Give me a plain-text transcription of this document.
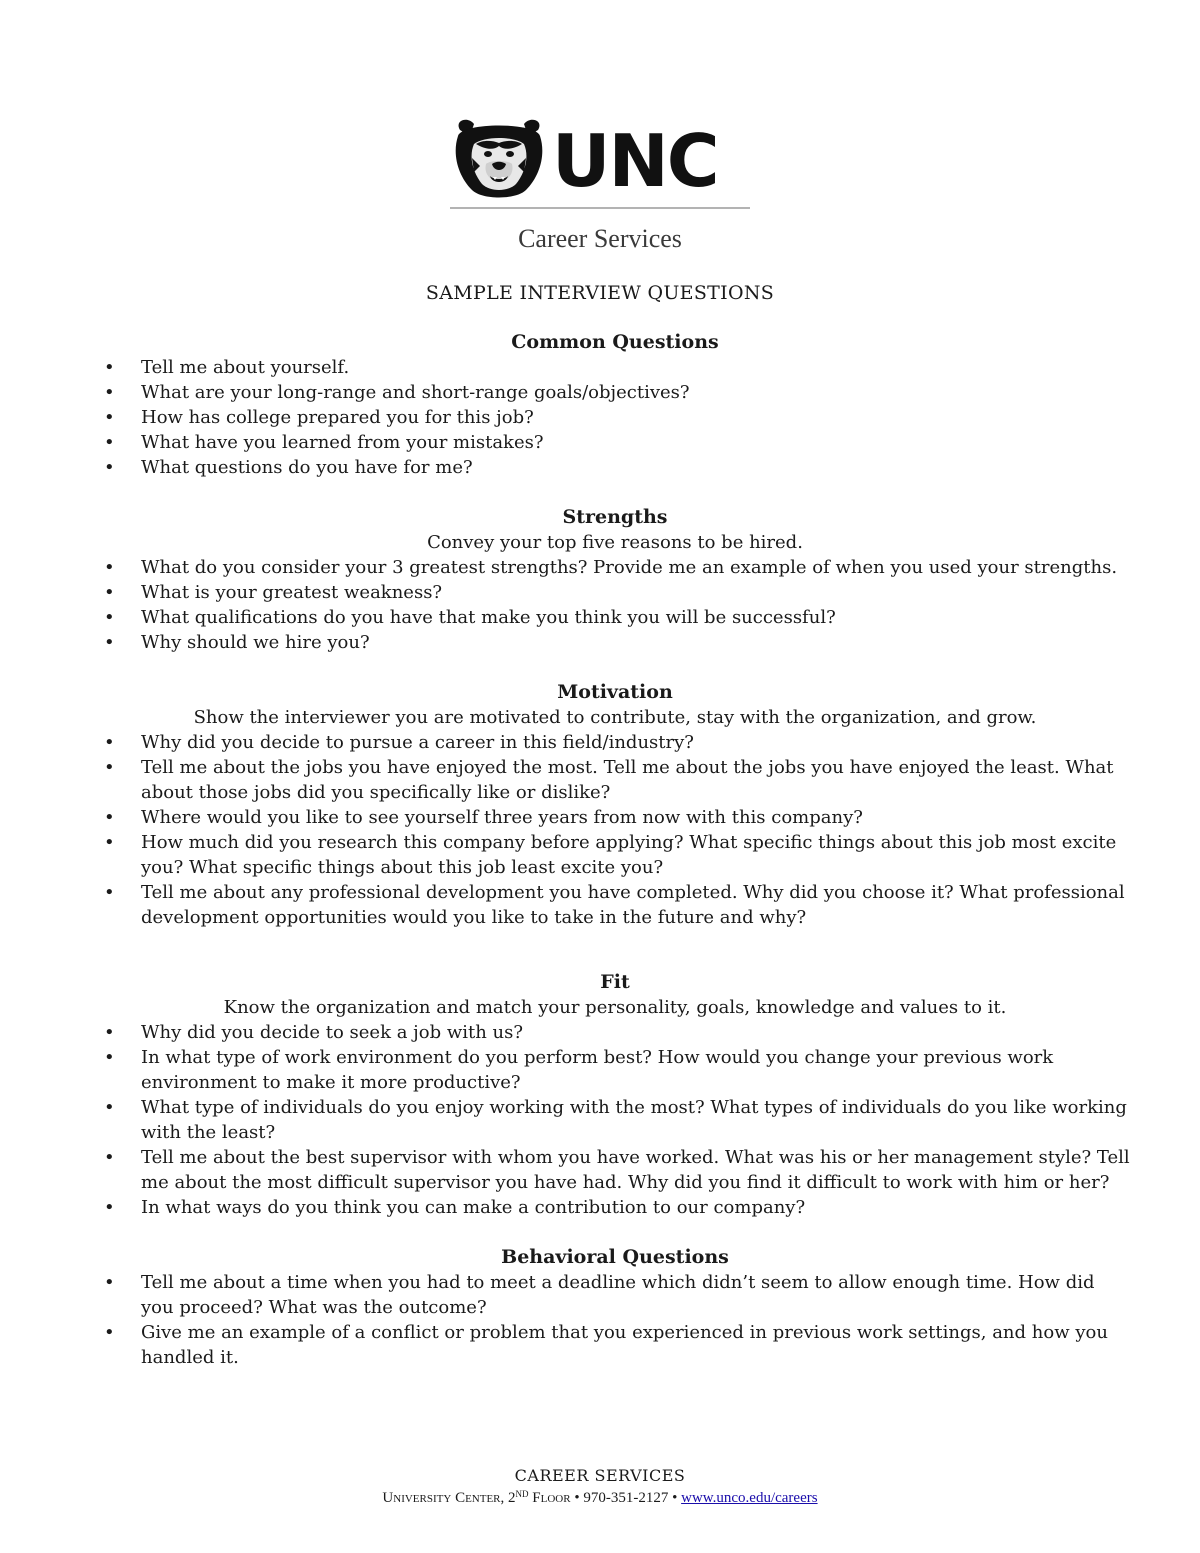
UNC
Career Services
SAMPLE INTERVIEW QUESTIONS

Common Questions

• Tell me about yourself.
• What are your long-range and short-range goals/objectives?
• How has college prepared you for this job?
• What have you learned from your mistakes?
• What questions do you have for me?

Strengths

Convey your top five reasons to be hired.

• What do you consider your 3 greatest strengths? Provide me an example of when you used your strengths.
• What is your greatest weakness?
• What qualifications do you have that make you think you will be successful?
• Why should we hire you?

Motivation

Show the interviewer you are motivated to contribute, stay with the organization, and grow.

• Why did you decide to pursue a career in this field/industry?
• Tell me about the jobs you have enjoyed the most. Tell me about the jobs you have enjoyed the least. What about those jobs did you specifically like or dislike?
• Where would you like to see yourself three years from now with this company?
• How much did you research this company before applying? What specific things about this job most excite you? What specific things about this job least excite you?
• Tell me about any professional development you have completed. Why did you choose it? What professional development opportunities would you like to take in the future and why?

Fit

Know the organization and match your personality, goals, knowledge and values to it.

• Why did you decide to seek a job with us?
• In what type of work environment do you perform best? How would you change your previous work environment to make it more productive?
• What type of individuals do you enjoy working with the most? What types of individuals do you like working with the least?
• Tell me about the best supervisor with whom you have worked. What was his or her management style? Tell me about the most difficult supervisor you have had. Why did you find it difficult to work with him or her?
• In what ways do you think you can make a contribution to our company?

Behavioral Questions

• Tell me about a time when you had to meet a deadline which didn’t seem to allow enough time. How did you proceed? What was the outcome?
• Give me an example of a conflict or problem that you experienced in previous work settings, and how you handled it.
CAREER SERVICES
UNIVERSITY CENTER, 2ND FLOOR • 970-351-2127 • www.unco.edu/careers
